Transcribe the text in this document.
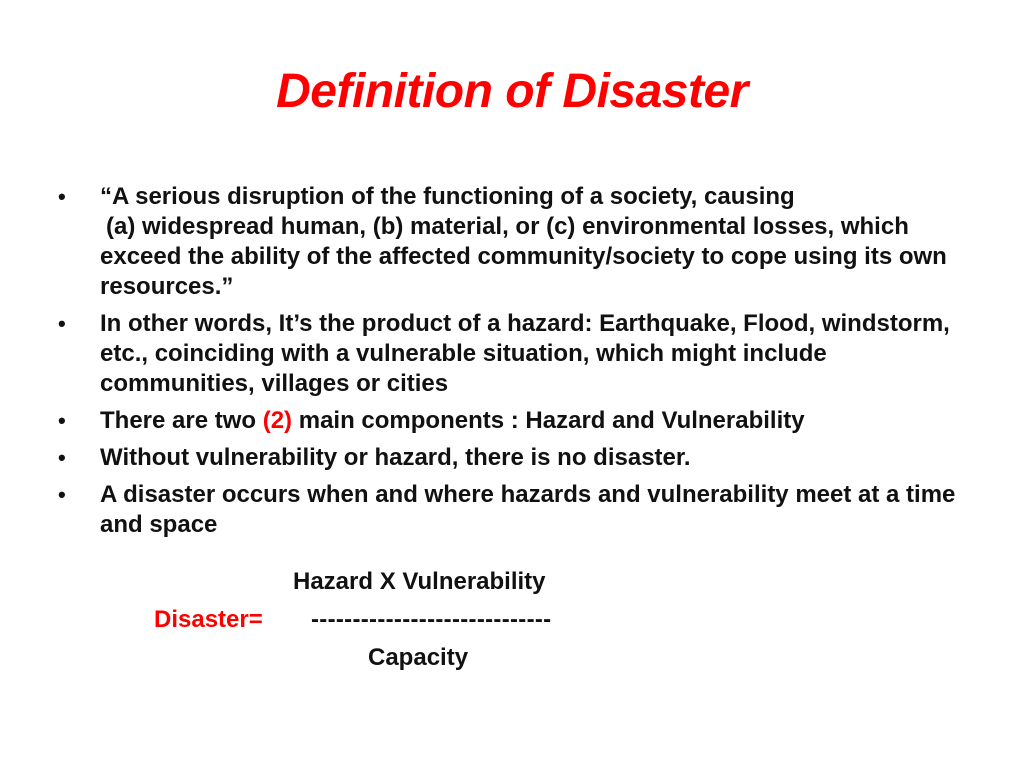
Definition of Disaster
•	“A serious disruption of the functioning of a society, causing
(a) widespread human, (b) material, or (c) environmental losses, which exceed the ability of the affected community/society to cope using its own resources.”
•	In other words, It’s the product of a hazard: Earthquake, Flood, windstorm, etc., coinciding with a vulnerable situation, which might include communities, villages or cities
•	There are two (2) main components : Hazard and Vulnerability
•	Without vulnerability or hazard, there is no disaster.
•	A disaster occurs when and where hazards and vulnerability meet at a time and space
Hazard X Vulnerability
Disaster= -----------------------------
Capacity
